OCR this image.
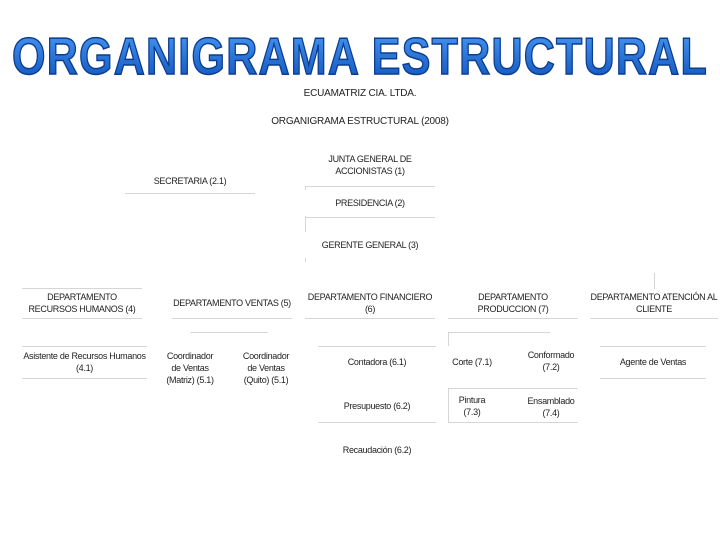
ORGANIGRAMA ESTRUCTURAL
ECUAMATRIZ CIA. LTDA.
ORGANIGRAMA ESTRUCTURAL (2008)
JUNTA GENERAL DE ACCIONISTAS (1)
SECRETARIA (2.1)
PRESIDENCIA (2)
GERENTE GENERAL (3)
DEPARTAMENTO RECURSOS HUMANOS (4)
DEPARTAMENTO VENTAS (5)
DEPARTAMENTO FINANCIERO (6)
DEPARTAMENTO PRODUCCION (7)
DEPARTAMENTO ATENCIÓN AL CLIENTE
Asistente de Recursos Humanos (4.1)
Coordinador de Ventas (Matriz) (5.1)
Coordinador de Ventas (Quito) (5.1)
Contadora (6.1)
Presupuesto (6.2)
Recaudación (6.2)
Corte (7.1)
Conformado (7.2)
Pintura (7.3)
Ensamblado (7.4)
Agente de Ventas
